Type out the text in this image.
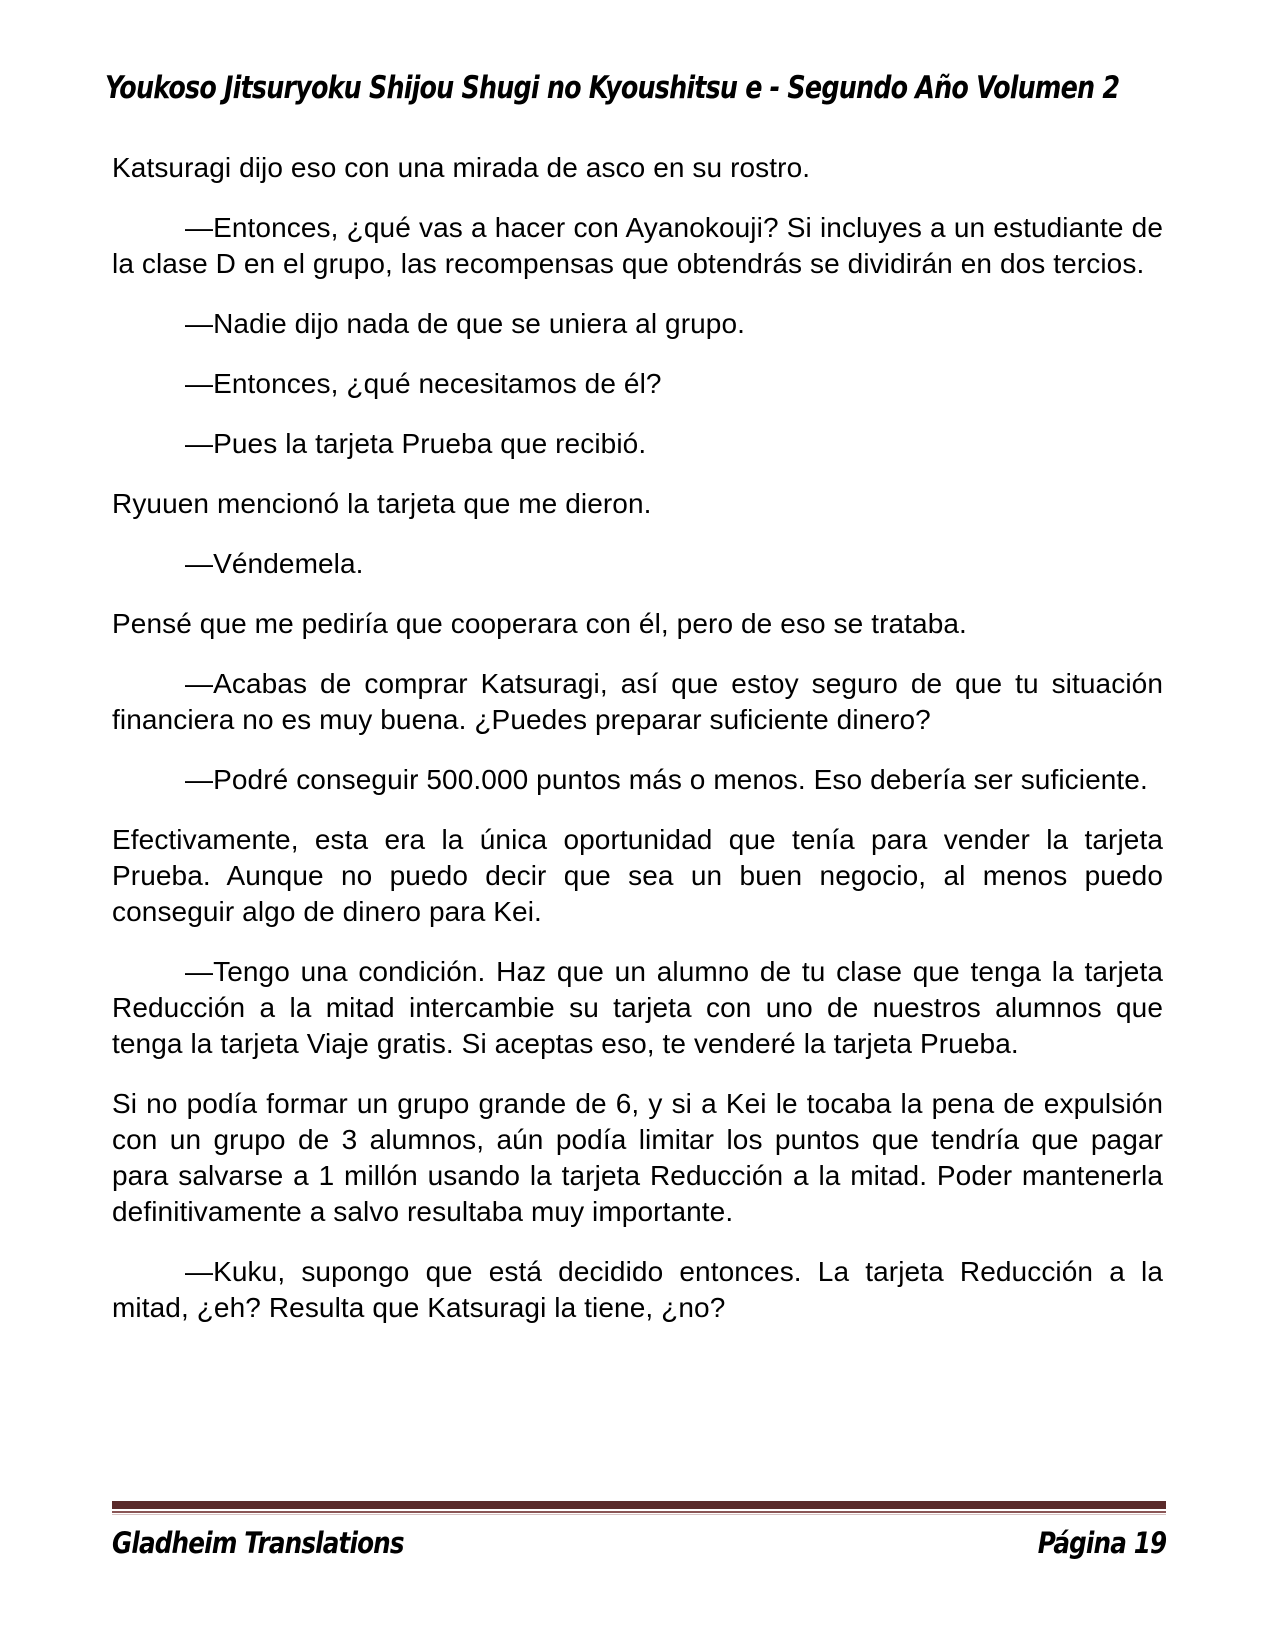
Youkoso Jitsuryoku Shijou Shugi no Kyoushitsu e - Segundo Año Volumen 2

Katsuragi dijo eso con una mirada de asco en su rostro.

—Entonces, ¿qué vas a hacer con Ayanokouji? Si incluyes a un estudiante de la clase D en el grupo, las recompensas que obtendrás se dividirán en dos tercios.

—Nadie dijo nada de que se uniera al grupo.

—Entonces, ¿qué necesitamos de él?

—Pues la tarjeta Prueba que recibió.

Ryuuen mencionó la tarjeta que me dieron.

—Véndemela.

Pensé que me pediría que cooperara con él, pero de eso se trataba.

—Acabas de comprar Katsuragi, así que estoy seguro de que tu situación financiera no es muy buena. ¿Puedes preparar suficiente dinero?

—Podré conseguir 500.000 puntos más o menos. Eso debería ser suficiente.

Efectivamente, esta era la única oportunidad que tenía para vender la tarjeta Prueba. Aunque no puedo decir que sea un buen negocio, al menos puedo conseguir algo de dinero para Kei.

—Tengo una condición. Haz que un alumno de tu clase que tenga la tarjeta Reducción a la mitad intercambie su tarjeta con uno de nuestros alumnos que tenga la tarjeta Viaje gratis. Si aceptas eso, te venderé la tarjeta Prueba.

Si no podía formar un grupo grande de 6, y si a Kei le tocaba la pena de expulsión con un grupo de 3 alumnos, aún podía limitar los puntos que tendría que pagar para salvarse a 1 millón usando la tarjeta Reducción a la mitad. Poder mantenerla definitivamente a salvo resultaba muy importante.

—Kuku, supongo que está decidido entonces. La tarjeta Reducción a la mitad, ¿eh? Resulta que Katsuragi la tiene, ¿no?

Gladheim Translations	Página 19
